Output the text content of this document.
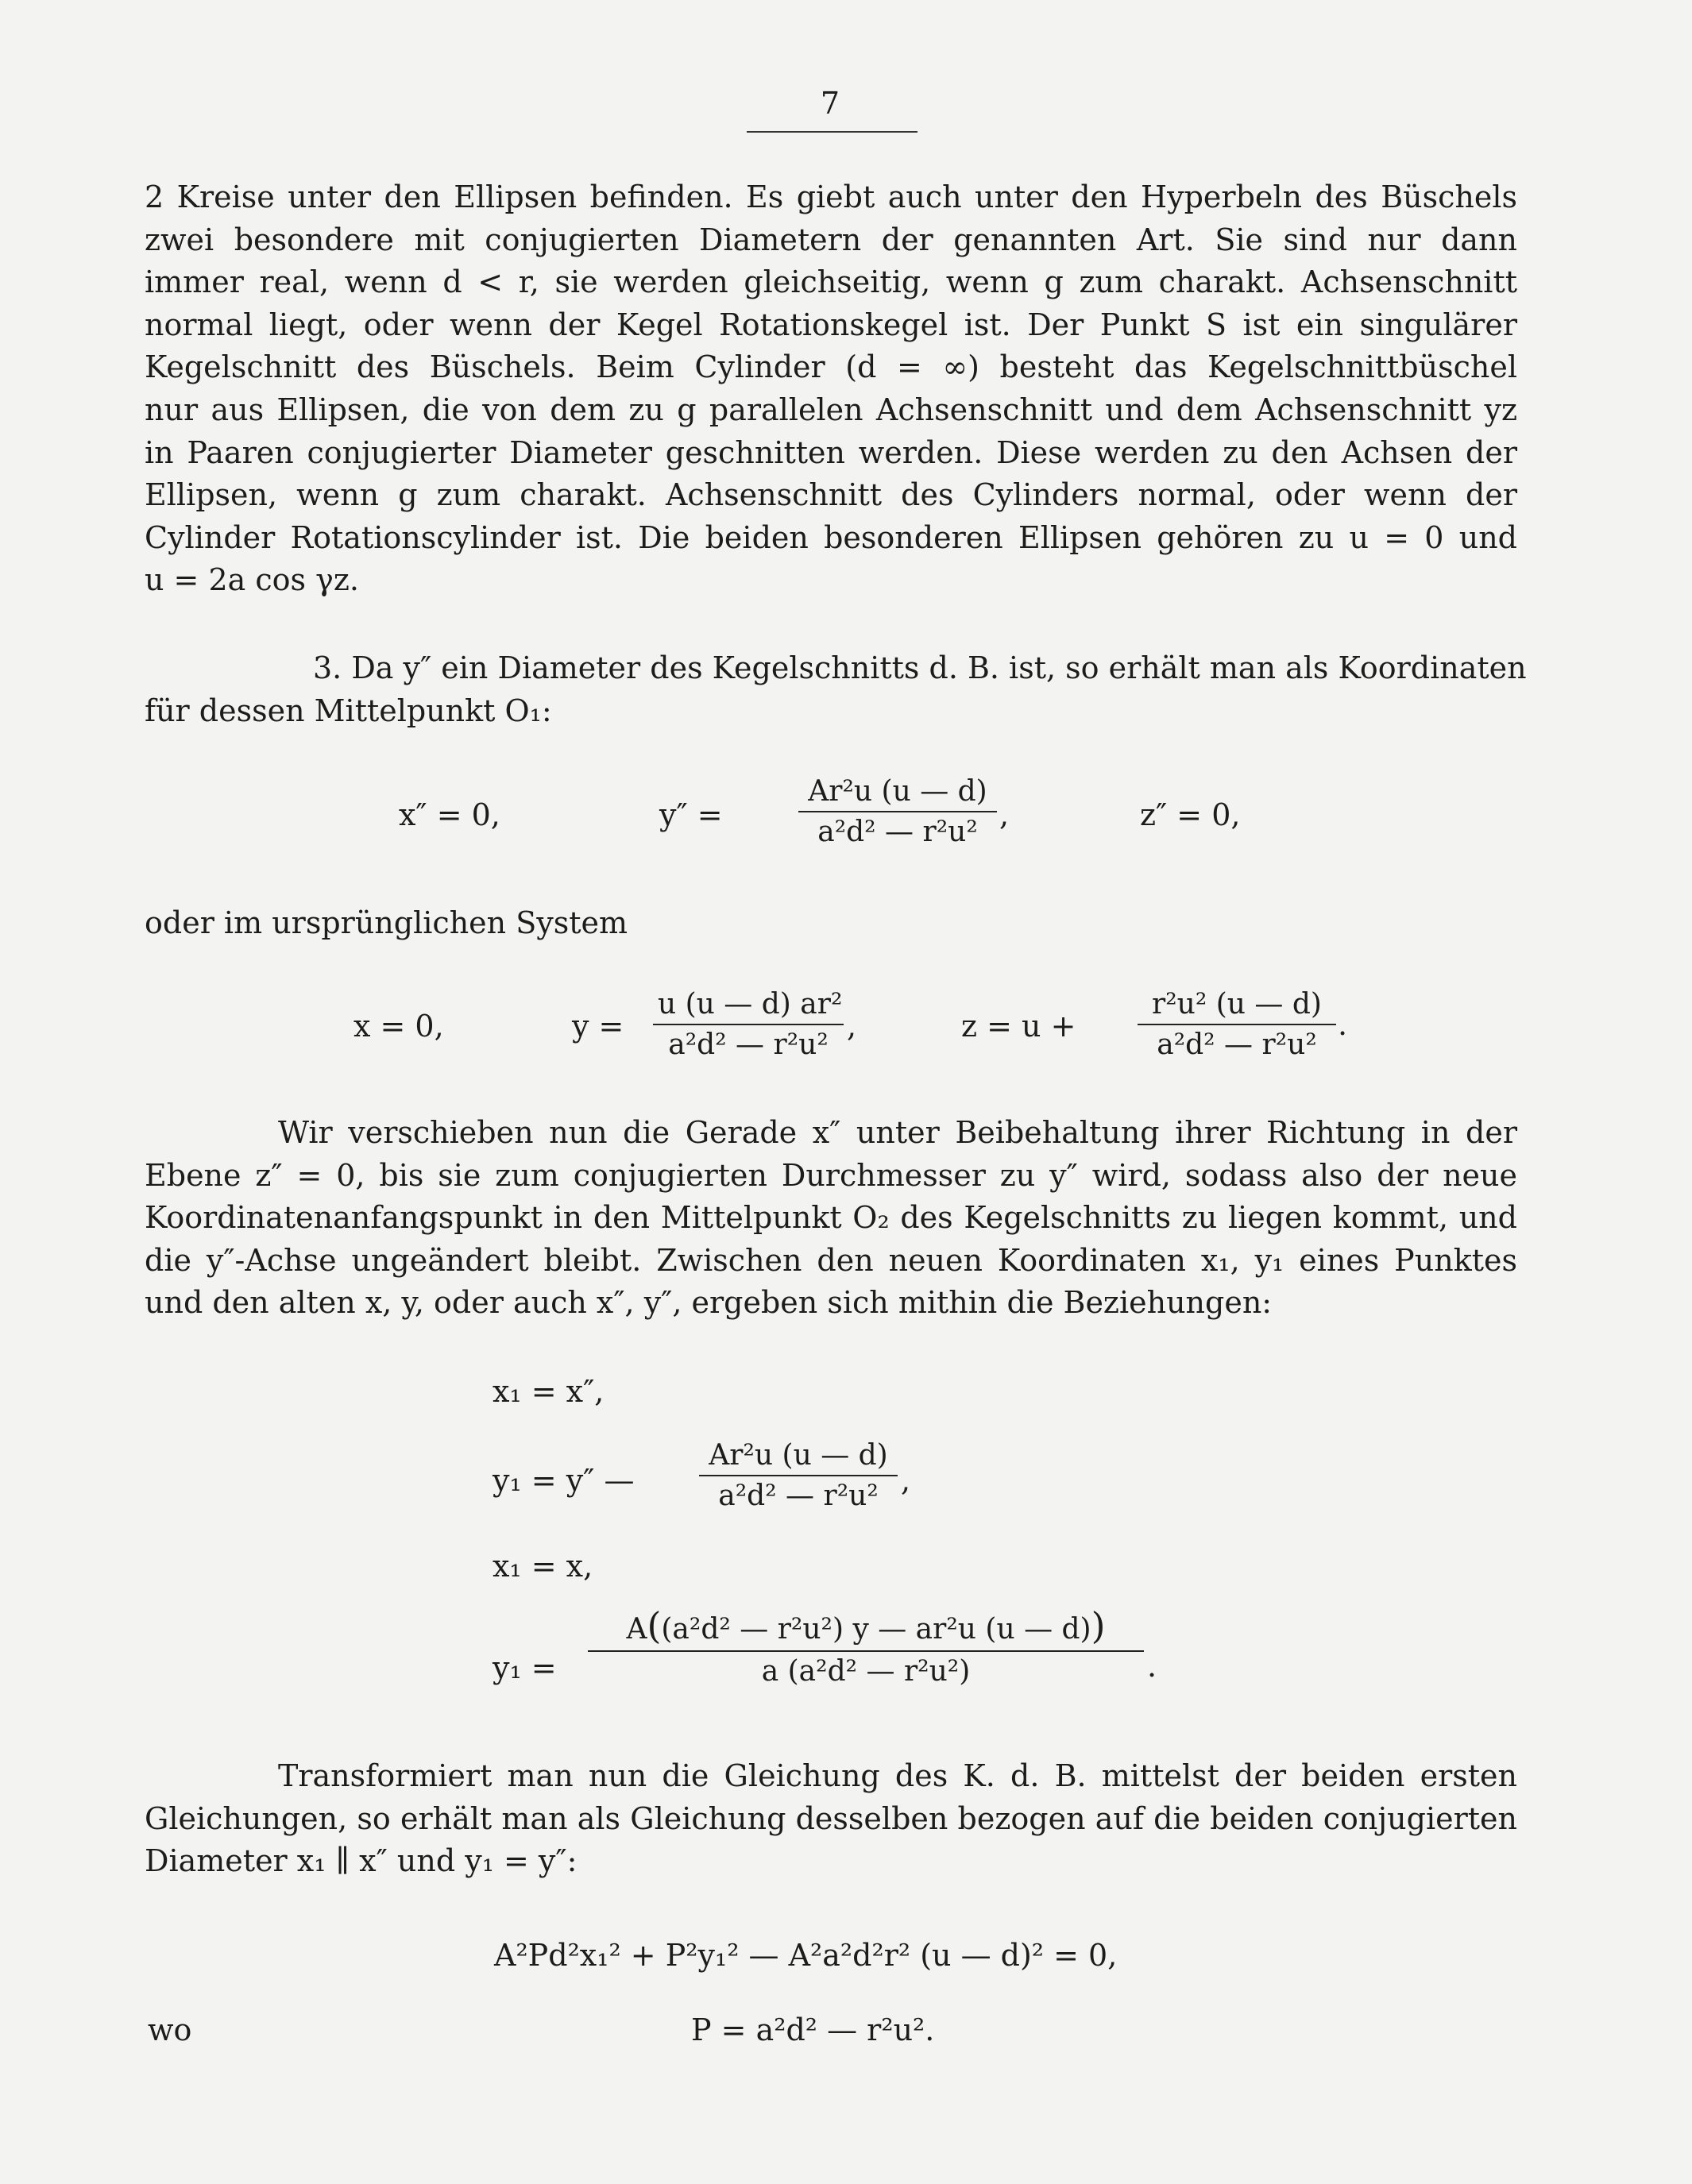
7
2 Kreise unter den Ellipsen befinden. Es giebt auch unter den Hyperbeln des Büschels
zwei besondere mit conjugierten Diametern der genannten Art. Sie sind nur dann
immer real, wenn d < r, sie werden gleichseitig, wenn g zum charakt. Achsenschnitt
normal liegt, oder wenn der Kegel Rotationskegel ist. Der Punkt S ist ein singulärer
Kegelschnitt des Büschels. Beim Cylinder (d = ∞) besteht das Kegelschnittbüschel
nur aus Ellipsen, die von dem zu g parallelen Achsenschnitt und dem Achsenschnitt yz
in Paaren conjugierter Diameter geschnitten werden. Diese werden zu den Achsen der
Ellipsen, wenn g zum charakt. Achsenschnitt des Cylinders normal, oder wenn der
Cylinder Rotationscylinder ist. Die beiden besonderen Ellipsen gehören zu u = 0 und
u = 2a cos γz.
3. Da y″ ein Diameter des Kegelschnitts d. B. ist, so erhält man als Koordinaten
für dessen Mittelpunkt O₁:
x″ = 0,	y″ =	$\frac{\text{Ar²u (u — d)}}{\text{a²d² — r²u²}}$ ,	z″ = 0,
oder im ursprünglichen System
x = 0,	$y = \frac{\text{u (u — d) ar²}}{\text{a²d² — r²u²}}$ ,	$z = u + \frac{\text{r²u² (u — d)}}{\text{a²d² — r²u²}}$ .
Wir verschieben nun die Gerade x″ unter Beibehaltung ihrer Richtung in der
Ebene z″ = 0, bis sie zum conjugierten Durchmesser zu y″ wird, sodass also der neue
Koordinatenanfangspunkt in den Mittelpunkt O₂ des Kegelschnitts zu liegen kommt, und
die y″-Achse ungeändert bleibt. Zwischen den neuen Koordinaten x₁, y₁ eines Punktes
und den alten x, y, oder auch x″, y″, ergeben sich mithin die Beziehungen:
x₁ = x″,
y₁ = y″ — $\frac{\text{Ar²u (u — d)}}{\text{a²d² — r²u²}}$ ,
x₁ = x,
$y_1 = \frac{\text{A((a²d² — r²u²) y — ar²u (u — d))}}{\text{a (a²d² — r²u²)}}$ .
Transformiert man nun die Gleichung des K. d. B. mittelst der beiden ersten
Gleichungen, so erhält man als Gleichung desselben bezogen auf die beiden conjugierten
Diameter x₁ ∥ x″ und y₁ = y″:
A²Pd²x₁² + P²y₁² — A²a²d²r² (u — d)² = 0,
wo	P = a²d² — r²u².
